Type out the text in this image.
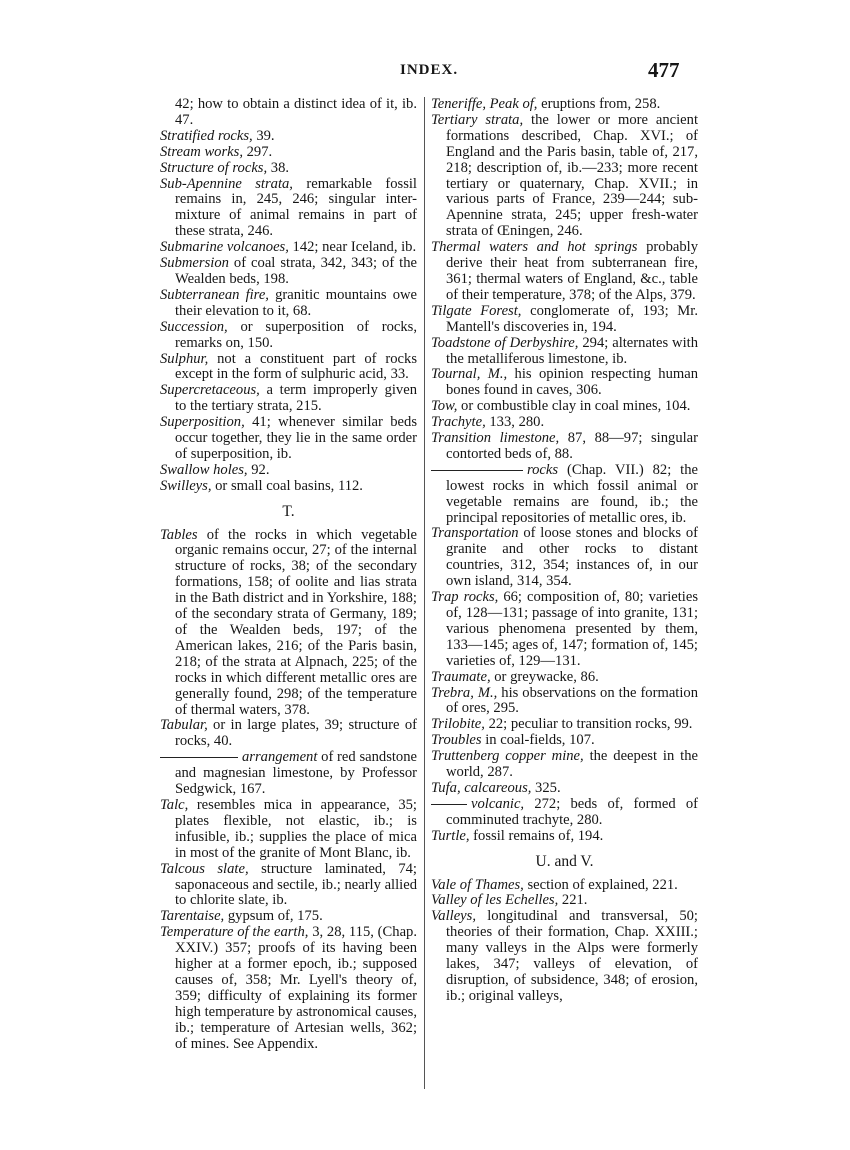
INDEX.	477

42; how to obtain a distinct idea of it, ib. 47.

Stratified rocks, 39.

Stream works, 297.

Structure of rocks, 38.

Sub-Apennine strata, remarkable fossil remains in, 245, 246; singular inter-mixture of animal remains in part of these strata, 246.

Submarine volcanoes, 142; near Iceland, ib.

Submersion of coal strata, 342, 343; of the Wealden beds, 198.

Subterranean fire, granitic mountains owe their elevation to it, 68.

Succession, or superposition of rocks, remarks on, 150.

Sulphur, not a constituent part of rocks except in the form of sulphuric acid, 33.

Supercretaceous, a term improperly given to the tertiary strata, 215.

Superposition, 41; whenever similar beds occur together, they lie in the same order of superposition, ib.

Swallow holes, 92.

Swilleys, or small coal basins, 112.

T.

Tables of the rocks in which vegetable organic remains occur, 27; of the internal structure of rocks, 38; of the secondary formations, 158; of oolite and lias strata in the Bath district and in Yorkshire, 188; of the secondary strata of Germany, 189; of the Wealden beds, 197; of the American lakes, 216; of the Paris basin, 218; of the strata at Alpnach, 225; of the rocks in which different metallic ores are generally found, 298; of the temperature of thermal waters, 378.

Tabular, or in large plates, 39; structure of rocks, 40.

arrangement of red sandstone and magnesian limestone, by Professor Sedgwick, 167.

Talc, resembles mica in appearance, 35; plates flexible, not elastic, ib.; is infusible, ib.; supplies the place of mica in most of the granite of Mont Blanc, ib.

Talcous slate, structure laminated, 74; saponaceous and sectile, ib.; nearly allied to chlorite slate, ib.

Tarentaise, gypsum of, 175.

Temperature of the earth, 3, 28, 115, (Chap. XXIV.) 357; proofs of its having been higher at a former epoch, ib.; supposed causes of, 358; Mr. Lyell's theory of, 359; difficulty of explaining its former high temperature by astronomical causes, ib.; temperature of Artesian wells, 362; of mines. See Appendix.

Teneriffe, Peak of, eruptions from, 258.

Tertiary strata, the lower or more ancient formations described, Chap. XVI.; of England and the Paris basin, table of, 217, 218; description of, ib.—233; more recent tertiary or quaternary, Chap. XVII.; in various parts of France, 239—244; sub-Apennine strata, 245; upper fresh-water strata of Œningen, 246.

Thermal waters and hot springs probably derive their heat from subterranean fire, 361; thermal waters of England, &c., table of their temperature, 378; of the Alps, 379.

Tilgate Forest, conglomerate of, 193; Mr. Mantell's discoveries in, 194.

Toadstone of Derbyshire, 294; alternates with the metalliferous limestone, ib.

Tournal, M., his opinion respecting human bones found in caves, 306.

Tow, or combustible clay in coal mines, 104.

Trachyte, 133, 280.

Transition limestone, 87, 88—97; singular contorted beds of, 88.

rocks (Chap. VII.) 82; the lowest rocks in which fossil animal or vegetable remains are found, ib.; the principal repositories of metallic ores, ib.

Transportation of loose stones and blocks of granite and other rocks to distant countries, 312, 354; instances of, in our own island, 314, 354.

Trap rocks, 66; composition of, 80; varieties of, 128—131; passage of into granite, 131; various phenomena presented by them, 133—145; ages of, 147; formation of, 145; varieties of, 129—131.

Traumate, or greywacke, 86.

Trebra, M., his observations on the formation of ores, 295.

Trilobite, 22; peculiar to transition rocks, 99.

Troubles in coal-fields, 107.

Truttenberg copper mine, the deepest in the world, 287.

Tufa, calcareous, 325.

volcanic, 272; beds of, formed of comminuted trachyte, 280.

Turtle, fossil remains of, 194.

U. and V.

Vale of Thames, section of explained, 221.

Valley of les Echelles, 221.

Valleys, longitudinal and transversal, 50; theories of their formation, Chap. XXIII.; many valleys in the Alps were formerly lakes, 347; valleys of elevation, of disruption, of subsidence, 348; of erosion, ib.; original valleys,
